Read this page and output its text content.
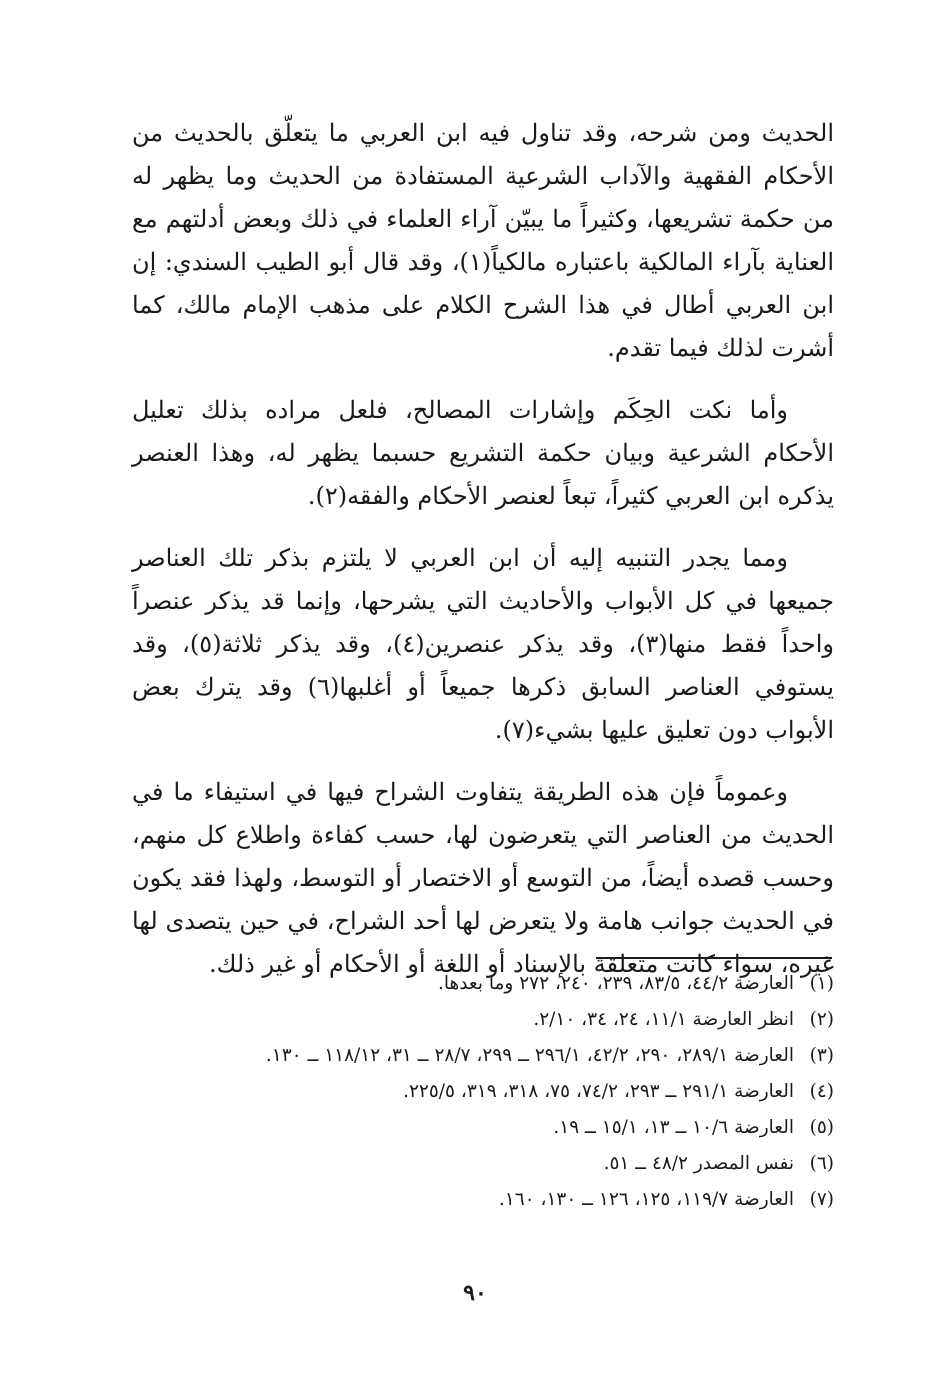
الحديث ومن شرحه، وقد تناول فيه ابن العربي ما يتعلّق بالحديث من الأحكام الفقهية والآداب الشرعية المستفادة من الحديث وما يظهر له من حكمة تشريعها، وكثيراً ما يبيّن آراء العلماء في ذلك وبعض أدلتهم مع العناية بآراء المالكية باعتباره مالكياً(١)، وقد قال أبو الطيب السندي: إن ابن العربي أطال في هذا الشرح الكلام على مذهب الإمام مالك، كما أشرت لذلك فيما تقدم.

وأما نكت الحِكَم وإشارات المصالح، فلعل مراده بذلك تعليل الأحكام الشرعية وبيان حكمة التشريع حسبما يظهر له، وهذا العنصر يذكره ابن العربي كثيراً، تبعاً لعنصر الأحكام والفقه(٢).

ومما يجدر التنبيه إليه أن ابن العربي لا يلتزم بذكر تلك العناصر جميعها في كل الأبواب والأحاديث التي يشرحها، وإنما قد يذكر عنصراً واحداً فقط منها(٣)، وقد يذكر عنصرين(٤)، وقد يذكر ثلاثة(٥)، وقد يستوفي العناصر السابق ذكرها جميعاً أو أغلبها(٦) وقد يترك بعض الأبواب دون تعليق عليها بشيء(٧).

وعموماً فإن هذه الطريقة يتفاوت الشراح فيها في استيفاء ما في الحديث من العناصر التي يتعرضون لها، حسب كفاءة واطلاع كل منهم، وحسب قصده أيضاً، من التوسع أو الاختصار أو التوسط، ولهذا فقد يكون في الحديث جوانب هامة ولا يتعرض لها أحد الشراح، في حين يتصدى لها غيره، سواء كانت متعلقة بالإسناد أو اللغة أو الأحكام أو غير ذلك.

(١)العارضة ٤٤/٢، ٨٣/٥، ٢٣٩، ٢٤٠، ٢٧٢ وما بعدها.

(٢)انظر العارضة ١١/١، ٢٤، ٣٤، ٢/١٠.

(٣)العارضة ٢٨٩/١، ٢٩٠، ٤٢/٢، ٢٩٦/١ ــ ٢٩٩، ٢٨/٧ ــ ٣١، ١١٨/١٢ ــ ١٣٠.

(٤)العارضة ٢٩١/١ ــ ٢٩٣، ٧٤/٢، ٧٥، ٣١٨، ٣١٩، ٢٢٥/٥.

(٥)العارضة ١٠/٦ ــ ١٣، ١٥/١ ــ ١٩.

(٦)نفس المصدر ٤٨/٢ ــ ٥١.

(٧)العارضة ١١٩/٧، ١٢٥، ١٢٦ ــ ١٣٠، ١٦٠.

٩٠
